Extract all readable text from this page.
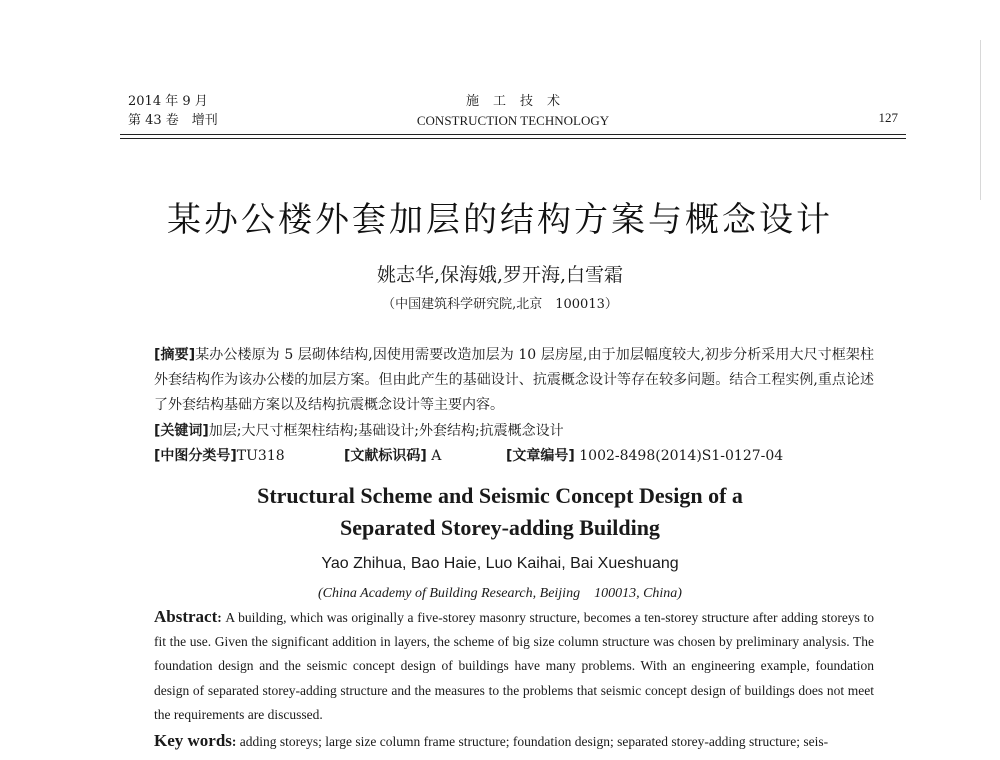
2014 年 9 月
第 43 卷　增刊
施工技术
CONSTRUCTION TECHNOLOGY	127
某办公楼外套加层的结构方案与概念设计
姚志华,保海娥,罗开海,白雪霜
（中国建筑科学研究院,北京　100013）
[摘要]某办公楼原为 5 层砌体结构,因使用需要改造加层为 10 层房屋,由于加层幅度较大,初步分析采用大尺寸框架柱外套结构作为该办公楼的加层方案。但由此产生的基础设计、抗震概念设计等存在较多问题。结合工程实例,重点论述了外套结构基础方案以及结构抗震概念设计等主要内容。
[关键词]加层;大尺寸框架柱结构;基础设计;外套结构;抗震概念设计
[中图分类号]TU318	[文献标识码] A	[文章编号] 1002-8498(2014)S1-0127-04
Structural Scheme and Seismic Concept Design of a
Separated Storey-adding Building
Yao Zhihua, Bao Haie, Luo Kaihai, Bai Xueshuang
(China Academy of Building Research, Beijing　100013, China)
Abstract: A building, which was originally a five-storey masonry structure, becomes a ten-storey structure after adding storeys to fit the use. Given the significant addition in layers, the scheme of big size column structure was chosen by preliminary analysis. The foundation design and the seismic concept design of buildings have many problems. With an engineering example, foundation design of separated storey-adding structure and the measures to the problems that seismic concept design of buildings does not meet the requirements are discussed.
Key words: adding storeys; large size column frame structure; foundation design; separated storey-adding structure; seis-
